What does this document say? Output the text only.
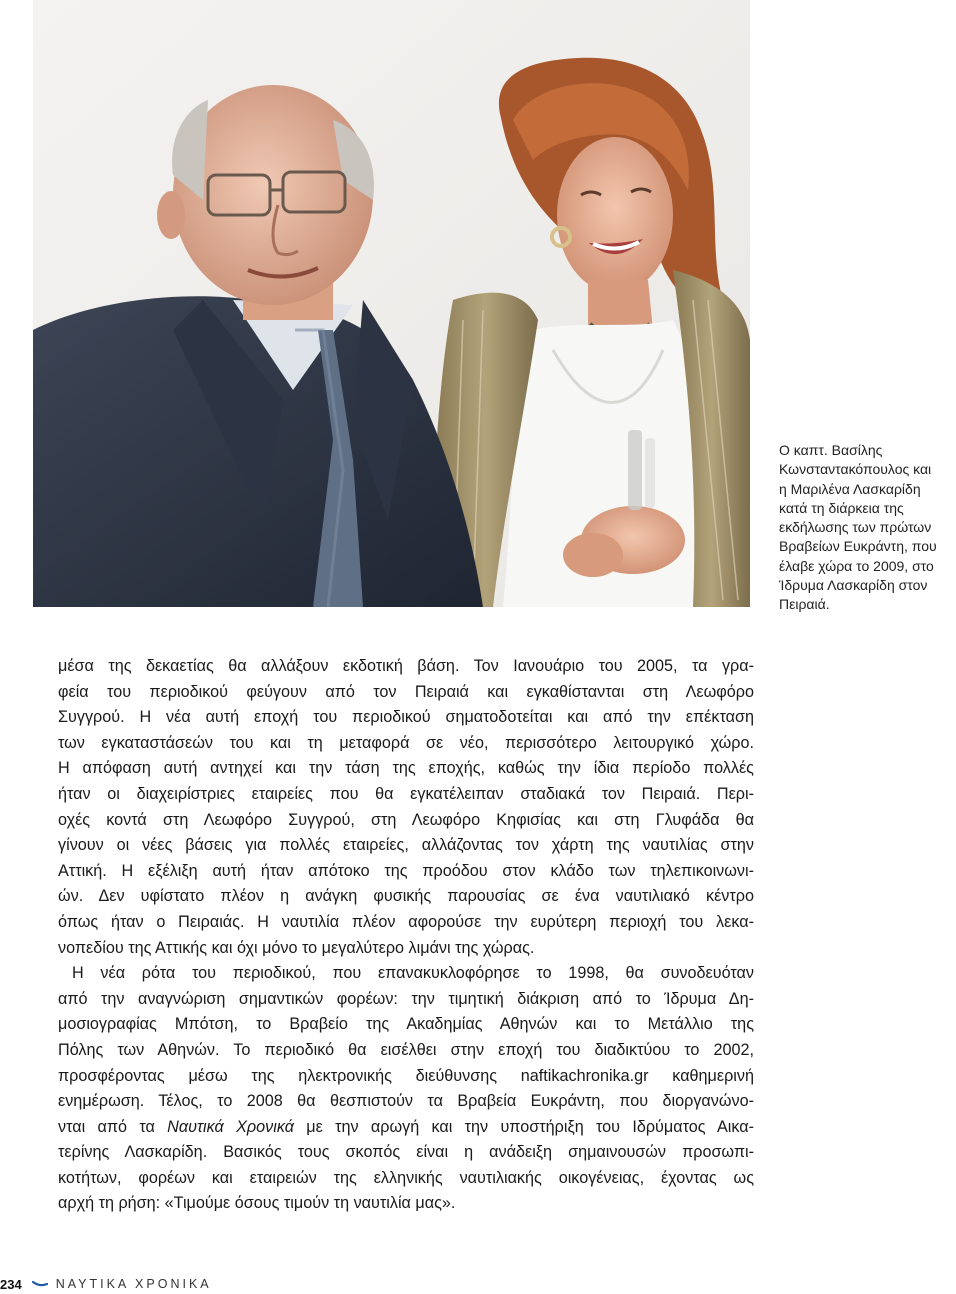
Ο καπτ. Βασίλης
Κωνσταντακόπουλος και
η Μαριλένα Λασκαρίδη
κατά τη διάρκεια της
εκδήλωσης των πρώτων
Βραβείων Ευκράντη, που
έλαβε χώρα το 2009, στο
Ίδρυμα Λασκαρίδη στον
Πειραιά.
μέσα της δεκαετίας θα αλλάξουν εκδοτική βάση. Τον Ιανουάριο του 2005, τα γρα-
φεία του περιοδικού φεύγουν από τον Πειραιά και εγκαθίστανται στη Λεωφόρο
Συγγρού. Η νέα αυτή εποχή του περιοδικού σηματοδοτείται και από την επέκταση
των εγκαταστάσεών του και τη μεταφορά σε νέο, περισσότερο λειτουργικό χώρο.
Η απόφαση αυτή αντηχεί και την τάση της εποχής, καθώς την ίδια περίοδο πολλές
ήταν οι διαχειρίστριες εταιρείες που θα εγκατέλειπαν σταδιακά τον Πειραιά. Περι-
οχές κοντά στη Λεωφόρο Συγγρού, στη Λεωφόρο Κηφισίας και στη Γλυφάδα θα
γίνουν οι νέες βάσεις για πολλές εταιρείες, αλλάζοντας τον χάρτη της ναυτιλίας στην
Αττική. Η εξέλιξη αυτή ήταν απότοκο της προόδου στον κλάδο των τηλεπικοινωνι-
ών. Δεν υφίστατο πλέον η ανάγκη φυσικής παρουσίας σε ένα ναυτιλιακό κέντρο
όπως ήταν ο Πειραιάς. Η ναυτιλία πλέον αφορούσε την ευρύτερη περιοχή του λεκα-
νοπεδίου της Αττικής και όχι μόνο το μεγαλύτερο λιμάνι της χώρας.
Η νέα ρότα του περιοδικού, που επανακυκλοφόρησε το 1998, θα συνοδευόταν
από την αναγνώριση σημαντικών φορέων: την τιμητική διάκριση από το Ίδρυμα Δη-
μοσιογραφίας Μπότση, το Βραβείο της Ακαδημίας Αθηνών και το Μετάλλιο της
Πόλης των Αθηνών. Το περιοδικό θα εισέλθει στην εποχή του διαδικτύου το 2002,
προσφέροντας μέσω της ηλεκτρονικής διεύθυνσης naftikachronika.gr καθημερινή
ενημέρωση. Τέλος, το 2008 θα θεσπιστούν τα Βραβεία Ευκράντη, που διοργανώνο-
νται από τα Ναυτικά Χρονικά με την αρωγή και την υποστήριξη του Ιδρύματος Αικα-
τερίνης Λασκαρίδη. Βασικός τους σκοπός είναι η ανάδειξη σημαινουσών προσωπι-
κοτήτων, φορέων και εταιρειών της ελληνικής ναυτιλιακής οικογένειας, έχοντας ως
αρχή τη ρήση: «Τιμούμε όσους τιμούν τη ναυτιλία μας».
234	ΝΑΥΤΙΚΑ ΧΡΟΝΙΚΑ
